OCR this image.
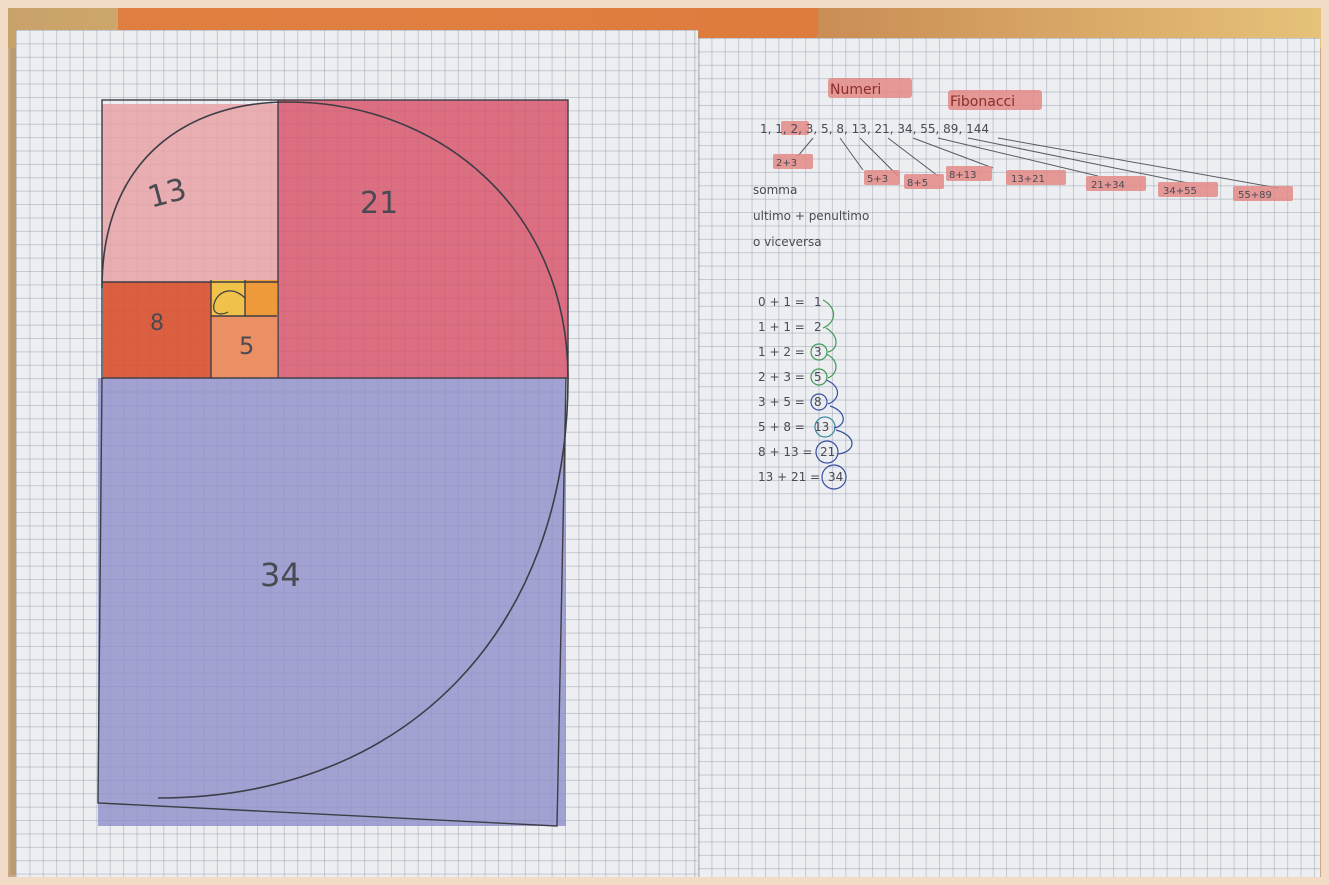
13	21
8
5
34
Numeri
Fibonacci
1, 1, 2, 3, 5, 8, 13, 21, 34, 55, 89, 144
2+3
5+3 8+5
8+13	13+21
21+34
34+55	55+89
somma
ultimo + penultimo
o viceversa
0 + 1 = 1
1 + 1 = 2
1 + 2 = 3
2 + 3 = 5
3 + 5 = 8
5 + 8 = 13
8 + 13 = 21
13 + 21 = 34
